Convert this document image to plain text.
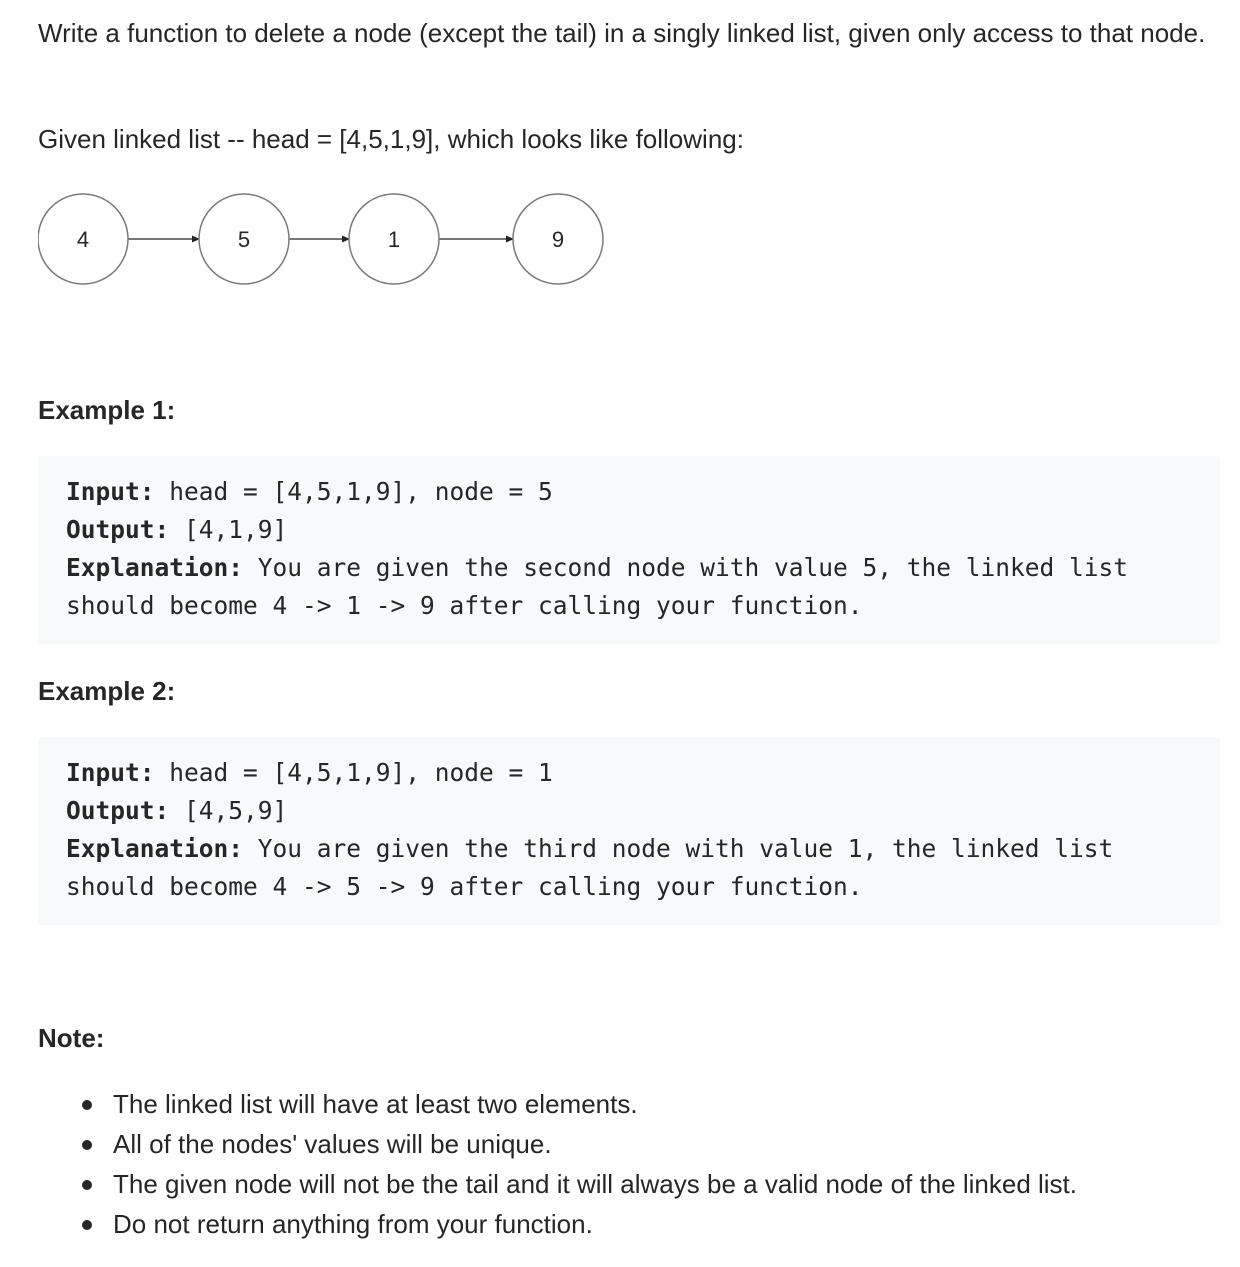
Write a function to delete a node (except the tail) in a singly linked list, given only access to that node.

Given linked list -- head = [4,5,1,9], which looks like following:

4	5	1	9

Example 1:

Input: head = [4,5,1,9], node = 5
Output: [4,1,9]
Explanation: You are given the second node with value 5, the linked list
should become 4 -> 1 -> 9 after calling your function.

Example 2:

Input: head = [4,5,1,9], node = 1
Output: [4,5,9]
Explanation: You are given the third node with value 1, the linked list
should become 4 -> 5 -> 9 after calling your function.

Note:

The linked list will have at least two elements.
All of the nodes' values will be unique.
The given node will not be the tail and it will always be a valid node of the linked list.
Do not return anything from your function.
